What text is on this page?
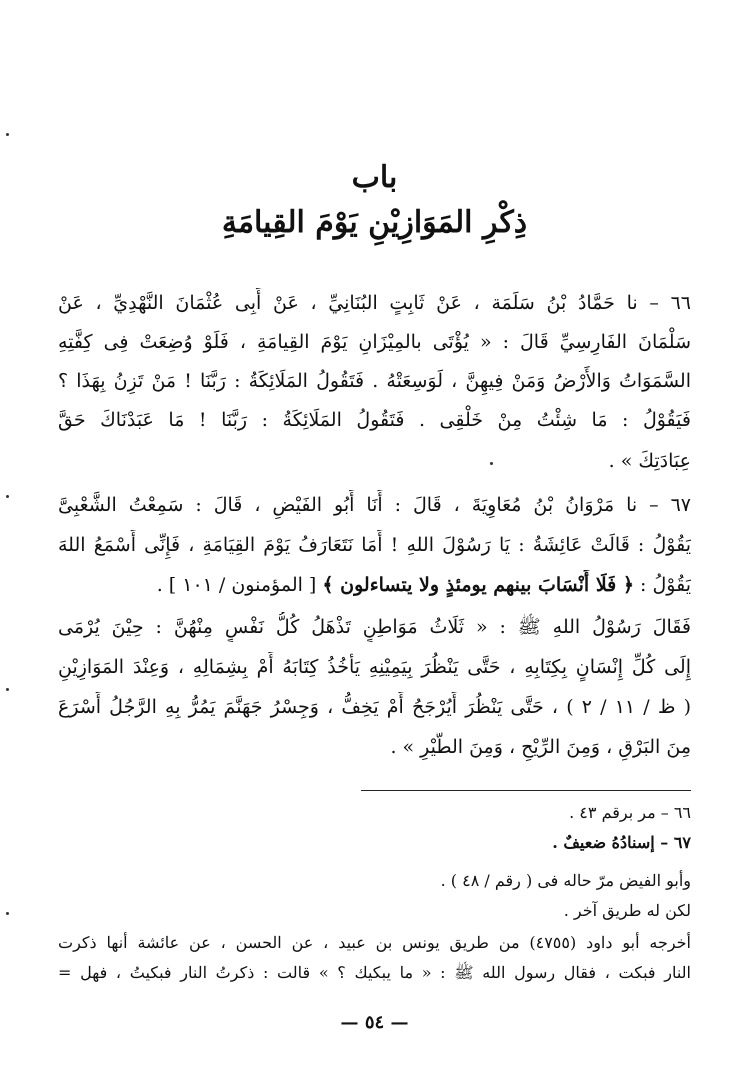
باب
ذِكْرِ المَوَازِيْنِ يَوْمَ القِيامَةِ
٦٦ – نا حَمَّادُ بْنُ سَلَمَة ، عَنْ ثَابِتٍ البُنَانِيِّ ، عَنْ أَبِى عُثْمَانَ النَّهْدِيِّ ، عَنْ
سَلْمَانَ الفَارِسِيِّ قَالَ : « يُؤْتَى بالمِيْزَانِ يَوْمَ القِيامَةِ ، فَلَوْ وُضِعَتْ فِى كِفَّتِهِ
السَّمَوَاتُ وَالأَرْضُ وَمَنْ فِيهِنَّ ، لَوَسِعَتْهُ . فَتَقُولُ المَلَائِكَةُ : رَبَّنَا ! مَنْ تَزِنُ بِهَذَا ؟
فَيَقُوْلُ : مَا شِئْتُ مِنْ خَلْقِى . فَتَقُولُ المَلَائِكَةُ : رَبَّنَا ! مَا عَبَدْنَاكَ حَقَّ
عِبَادَتِكَ » .
٦٧ – نا مَرْوَانُ بْنُ مُعَاوِيَةَ ، قَالَ : أَنَا أَبُو الفَيْضِ ، قَالَ : سَمِعْتُ الشَّعْبِىَّ
يَقُوْلُ : قَالَتْ عَائِشَةُ : يَا رَسُوْلَ اللهِ ! أَمَا نَتَعَارَفُ يَوْمَ القِيَامَةِ ، فَإِنِّى أَسْمَعُ اللهَ
يَقُوْلُ : ﴿ فَلَا أَنْسَابَ بينهم يومئذٍ ولا يتساءلون ﴾ [ المؤمنون / ١٠١ ] .
فَقَالَ رَسُوْلُ اللهِ ﷺ : « ثَلَاثُ مَوَاطِنٍ تَذْهَلُ كُلُّ نَفْسٍ مِنْهُنَّ : حِيْنَ يُرْمَى
إِلَى كُلِّ إِنْسَانٍ بِكِتَابِهِ ، حَتَّى يَنْظُرَ بِيَمِيْنِهِ يَأْخُذُ كِتَابَهُ أَمْ بِشِمَالِهِ ، وَعِنْدَ المَوَازِيْنِ
( ظ / ١١ / ٢ ) ، حَتَّى يَنْظُرَ أَيُرْجَحُ أَمْ يَخِفُّ ، وَجِسْرُ جَهَنَّمَ يَمُرُّ بِهِ الرَّجُلُ أَسْرَعَ
مِنَ البَرْقِ ، وَمِنَ الرِّيْحِ ، وَمِنَ الطَّيْرِ » .
٦٦ – مر برقم ٤٣ .
٦٧ – إسنادُهُ ضعيفٌ .
وأبو الفيض مرّ حاله فى ( رقم / ٤٨ ) .
لكن له طريق آخر .
أخرجه أبو داود (٤٧٥٥) من طريق يونس بن عبيد ، عن الحسن ، عن عائشة أنها ذكرت
النار فبكت ، فقال رسول الله ﷺ : « ما يبكيك ؟ » قالت : ذكرتُ النار فبكيتُ ، فهل =
— ٥٤ —
